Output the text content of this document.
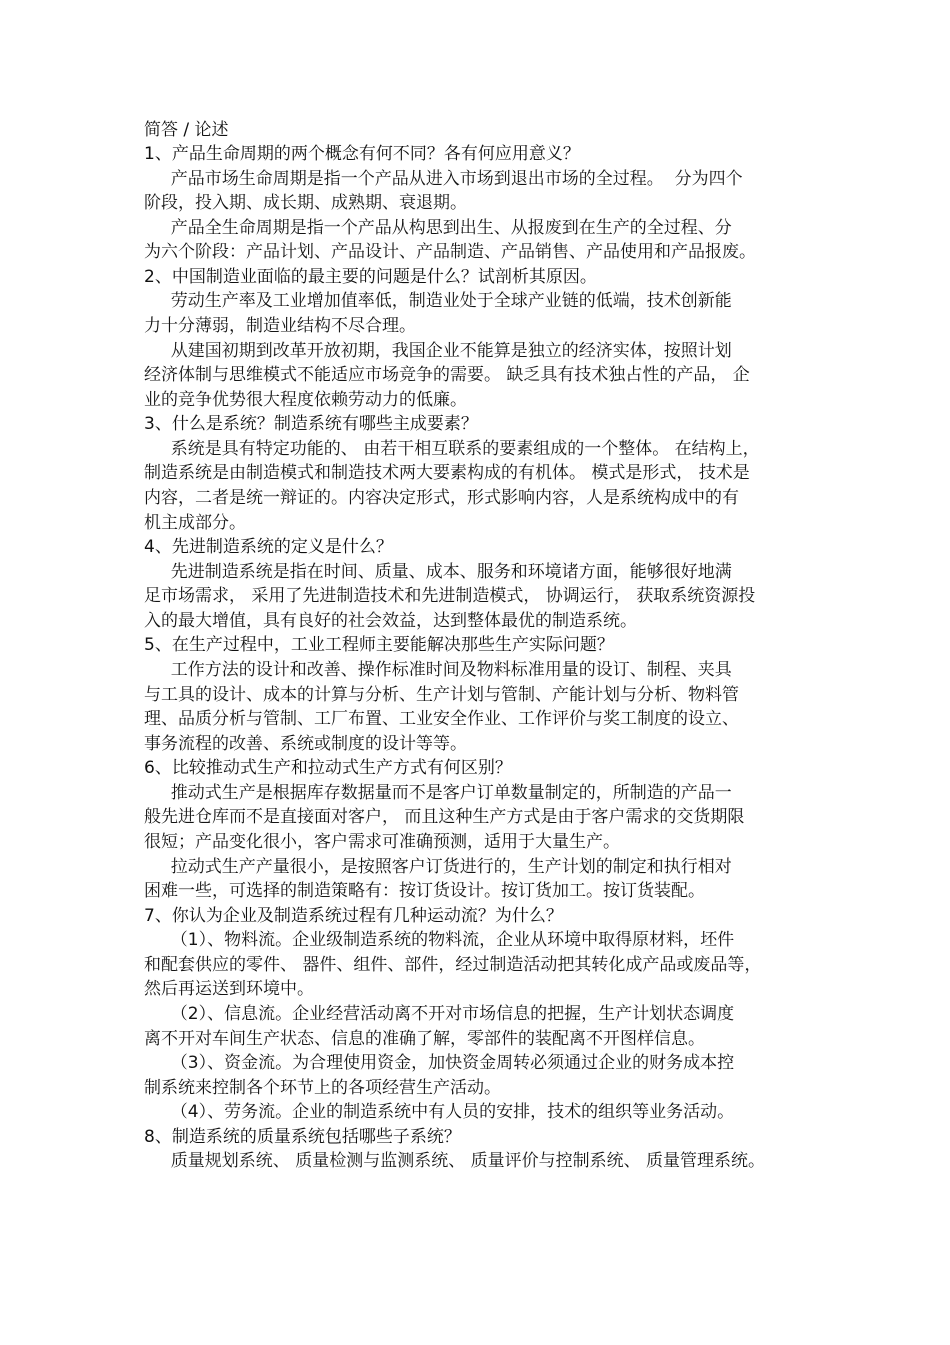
简答 / 论述
1、产品生命周期的两个概念有何不同？各有何应用意义？
产品市场生命周期是指一个产品从进入市场到退出市场的全过程。  分为四个
阶段，投入期、成长期、成熟期、衰退期。
产品全生命周期是指一个产品从构思到出生、从报废到在生产的全过程、分
为六个阶段：产品计划、产品设计、产品制造、产品销售、产品使用和产品报废。
2、中国制造业面临的最主要的问题是什么？试剖析其原因。
劳动生产率及工业增加值率低，制造业处于全球产业链的低端，技术创新能
力十分薄弱，制造业结构不尽合理。
从建国初期到改革开放初期，我国企业不能算是独立的经济实体，按照计划
经济体制与思维模式不能适应市场竞争的需要。 缺乏具有技术独占性的产品， 企
业的竞争优势很大程度依赖劳动力的低廉。
3、什么是系统？制造系统有哪些主成要素？
系统是具有特定功能的、 由若干相互联系的要素组成的一个整体。 在结构上，
制造系统是由制造模式和制造技术两大要素构成的有机体。 模式是形式， 技术是
内容，二者是统一辩证的。内容决定形式，形式影响内容，人是系统构成中的有
机主成部分。
4、先进制造系统的定义是什么？
先进制造系统是指在时间、质量、成本、服务和环境诸方面，能够很好地满
足市场需求， 采用了先进制造技术和先进制造模式， 协调运行， 获取系统资源投
入的最大增值，具有良好的社会效益，达到整体最优的制造系统。
5、在生产过程中，工业工程师主要能解决那些生产实际问题？
工作方法的设计和改善、操作标准时间及物料标准用量的设订、制程、夹具
与工具的设计、成本的计算与分析、生产计划与管制、产能计划与分析、物料管
理、品质分析与管制、工厂布置、工业安全作业、工作评价与奖工制度的设立、
事务流程的改善、系统或制度的设计等等。
6、比较推动式生产和拉动式生产方式有何区别？
推动式生产是根据库存数据量而不是客户订单数量制定的，所制造的产品一
般先进仓库而不是直接面对客户， 而且这种生产方式是由于客户需求的交货期限
很短；产品变化很小，客户需求可准确预测，适用于大量生产。
拉动式生产产量很小，是按照客户订货进行的，生产计划的制定和执行相对
困难一些，可选择的制造策略有：按订货设计。按订货加工。按订货装配。
7、你认为企业及制造系统过程有几种运动流？为什么？
（1）、物料流。企业级制造系统的物料流，企业从环境中取得原材料，坯件
和配套供应的零件、 器件、组件、部件，经过制造活动把其转化成产品或废品等，
然后再运送到环境中。
（2）、信息流。企业经营活动离不开对市场信息的把握，生产计划状态调度
离不开对车间生产状态、信息的准确了解，零部件的装配离不开图样信息。
（3）、资金流。为合理使用资金，加快资金周转必须通过企业的财务成本控
制系统来控制各个环节上的各项经营生产活动。
（4）、劳务流。企业的制造系统中有人员的安排，技术的组织等业务活动。
8、制造系统的质量系统包括哪些子系统？
质量规划系统、 质量检测与监测系统、 质量评价与控制系统、 质量管理系统。
